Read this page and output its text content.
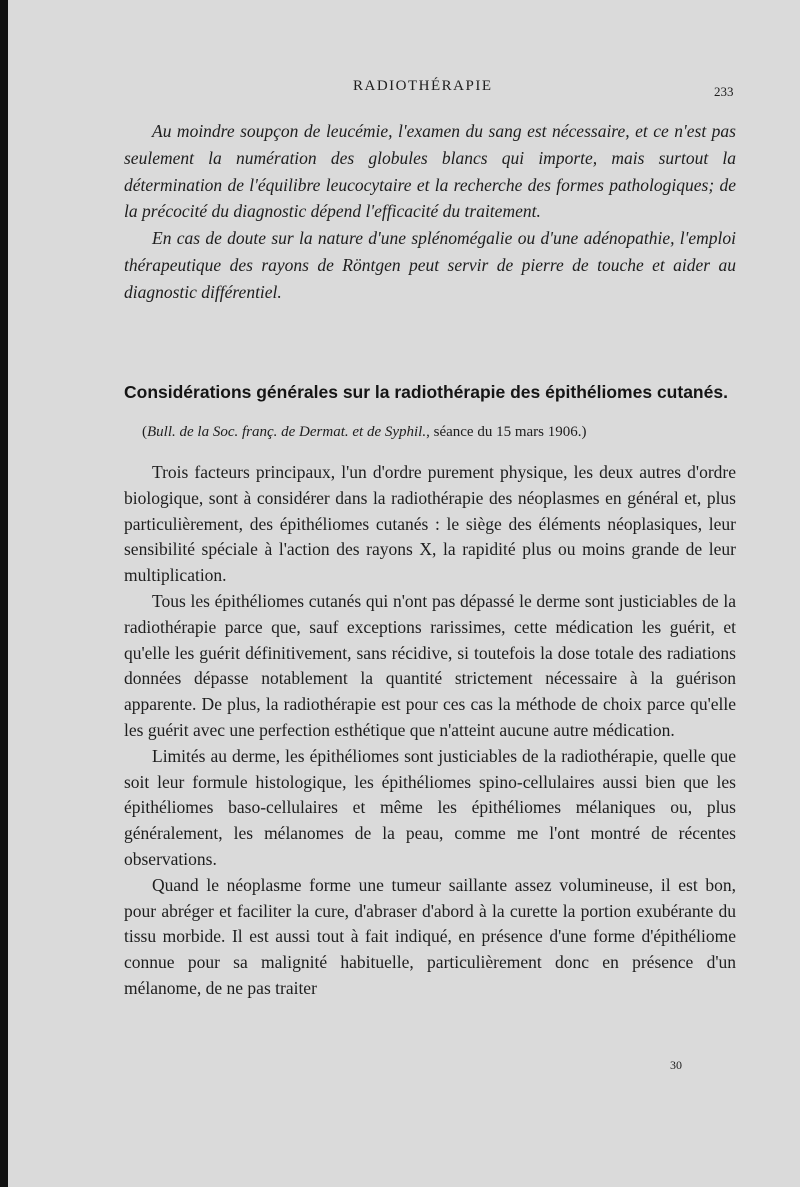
RADIOTHÉRAPIE	233

Au moindre soupçon de leucémie, l'examen du sang est nécessaire, et ce n'est pas seulement la numération des globules blancs qui importe, mais surtout la détermination de l'équilibre leucocytaire et la recherche des formes pathologiques; de la précocité du diagnostic dépend l'efficacité du traitement.

En cas de doute sur la nature d'une splénomégalie ou d'une adénopathie, l'emploi thérapeutique des rayons de Röntgen peut servir de pierre de touche et aider au diagnostic différentiel.

Considérations générales sur la radiothérapie des épithéliomes cutanés.
(Bull. de la Soc. franç. de Dermat. et de Syphil., séance du 15 mars 1906.)

Trois facteurs principaux, l'un d'ordre purement physique, les deux autres d'ordre biologique, sont à considérer dans la radiothérapie des néoplasmes en général et, plus particulièrement, des épithéliomes cutanés : le siège des éléments néoplasiques, leur sensibilité spéciale à l'action des rayons X, la rapidité plus ou moins grande de leur multiplication.

Tous les épithéliomes cutanés qui n'ont pas dépassé le derme sont justiciables de la radiothérapie parce que, sauf exceptions rarissimes, cette médication les guérit, et qu'elle les guérit définitivement, sans récidive, si toutefois la dose totale des radiations données dépasse notablement la quantité strictement nécessaire à la guérison apparente. De plus, la radiothérapie est pour ces cas la méthode de choix parce qu'elle les guérit avec une perfection esthétique que n'atteint aucune autre médication.

Limités au derme, les épithéliomes sont justiciables de la radiothérapie, quelle que soit leur formule histologique, les épithéliomes spino-cellulaires aussi bien que les épithéliomes baso-cellulaires et même les épithéliomes mélaniques ou, plus généralement, les mélanomes de la peau, comme me l'ont montré de récentes observations.

Quand le néoplasme forme une tumeur saillante assez volumineuse, il est bon, pour abréger et faciliter la cure, d'abraser d'abord à la curette la portion exubérante du tissu morbide. Il est aussi tout à fait indiqué, en présence d'une forme d'épithéliome connue pour sa malignité habituelle, particulièrement donc en présence d'un mélanome, de ne pas traiter

30
